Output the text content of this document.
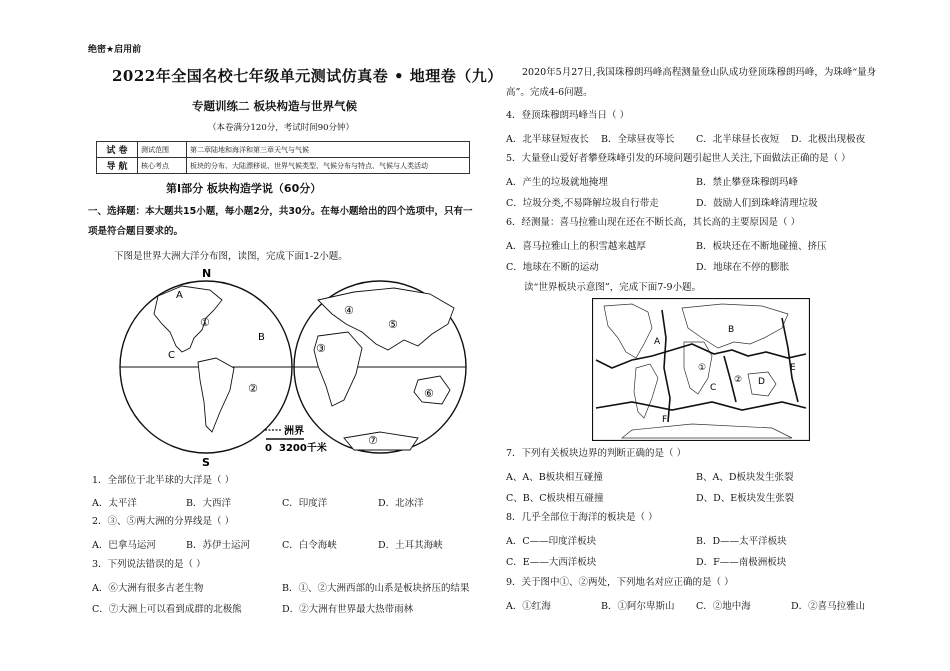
绝密★启用前
2022年全国名校七年级单元测试仿真卷 • 地理卷（九）
专题训练二 板块构造与世界气候
（本卷满分120分，考试时间90分钟）
试 卷	测试范围	第二章陆地和海洋和第三章天气与气候
导 航	核心考点	板块的分布、大陆漂移说、世界气候类型、气候分布与特点、气候与人类活动
第Ⅰ部分 板块构造学说（60分）
一、选择题：本大题共15小题，每小题2分，共30分。在每小题给出的四个选项中，只有一
项是符合题目要求的。
下图是世界大洲大洋分布图，读图，完成下面1-2小题。
N
S
A
①
B
C
②
③
④
⑤
⑥
⑦
洲界
0 3200千米
1．全部位于北半球的大洋是（ ）
A．太平洋	B．大西洋	C．印度洋	D．北冰洋
2．③、⑤两大洲的分界线是（ ）
A．巴拿马运河	B．苏伊士运河	C．白令海峡	D．土耳其海峡
3．下列说法错误的是（ ）
A．⑥大洲有很多古老生物	B．①、②大洲西部的山系是板块挤压的结果
C．⑦大洲上可以看到成群的北极熊	D．②大洲有世界最大热带雨林
2020年5月27日,我国珠穆朗玛峰高程测量登山队成功登顶珠穆朗玛峰，为珠峰“量身
高”。完成4-6问题。
4．登顶珠穆朗玛峰当日（ ）
A．北半球昼短夜长 B．全球昼夜等长 C．北半球昼长夜短 D．北极出现极夜
5．大量登山爱好者攀登珠峰引发的环境问题引起世人关注,下面做法正确的是（ ）
A．产生的垃圾就地掩埋	B．禁止攀登珠穆朗玛峰
C．垃圾分类,不易降解垃圾自行带走	D．鼓励人们到珠峰清理垃圾
6．经测量：喜马拉雅山现在还在不断长高，其长高的主要原因是（ ）
A．喜马拉雅山上的积雪越来越厚	B．板块还在不断地碰撞、挤压
C．地球在不断的运动	D．地球在不停的膨胀
读“世界板块示意图”，完成下面7-9小题。
A
B
①
②
C
D
E
F
7．下列有关板块边界的判断正确的是（ ）
A、A、B板块相互碰撞	B、A、D板块发生张裂
C、B、C板块相互碰撞	D、D、E板块发生张裂
8．几乎全部位于海洋的板块是（ ）
A．C——印度洋板块	B．D——太平洋板块
C．E——大西洋板块	D．F——南极洲板块
9．关于图中①、②两处，下列地名对应正确的是（ ）
A．①红海	B．①阿尔卑斯山 C．②地中海	D．②喜马拉雅山
